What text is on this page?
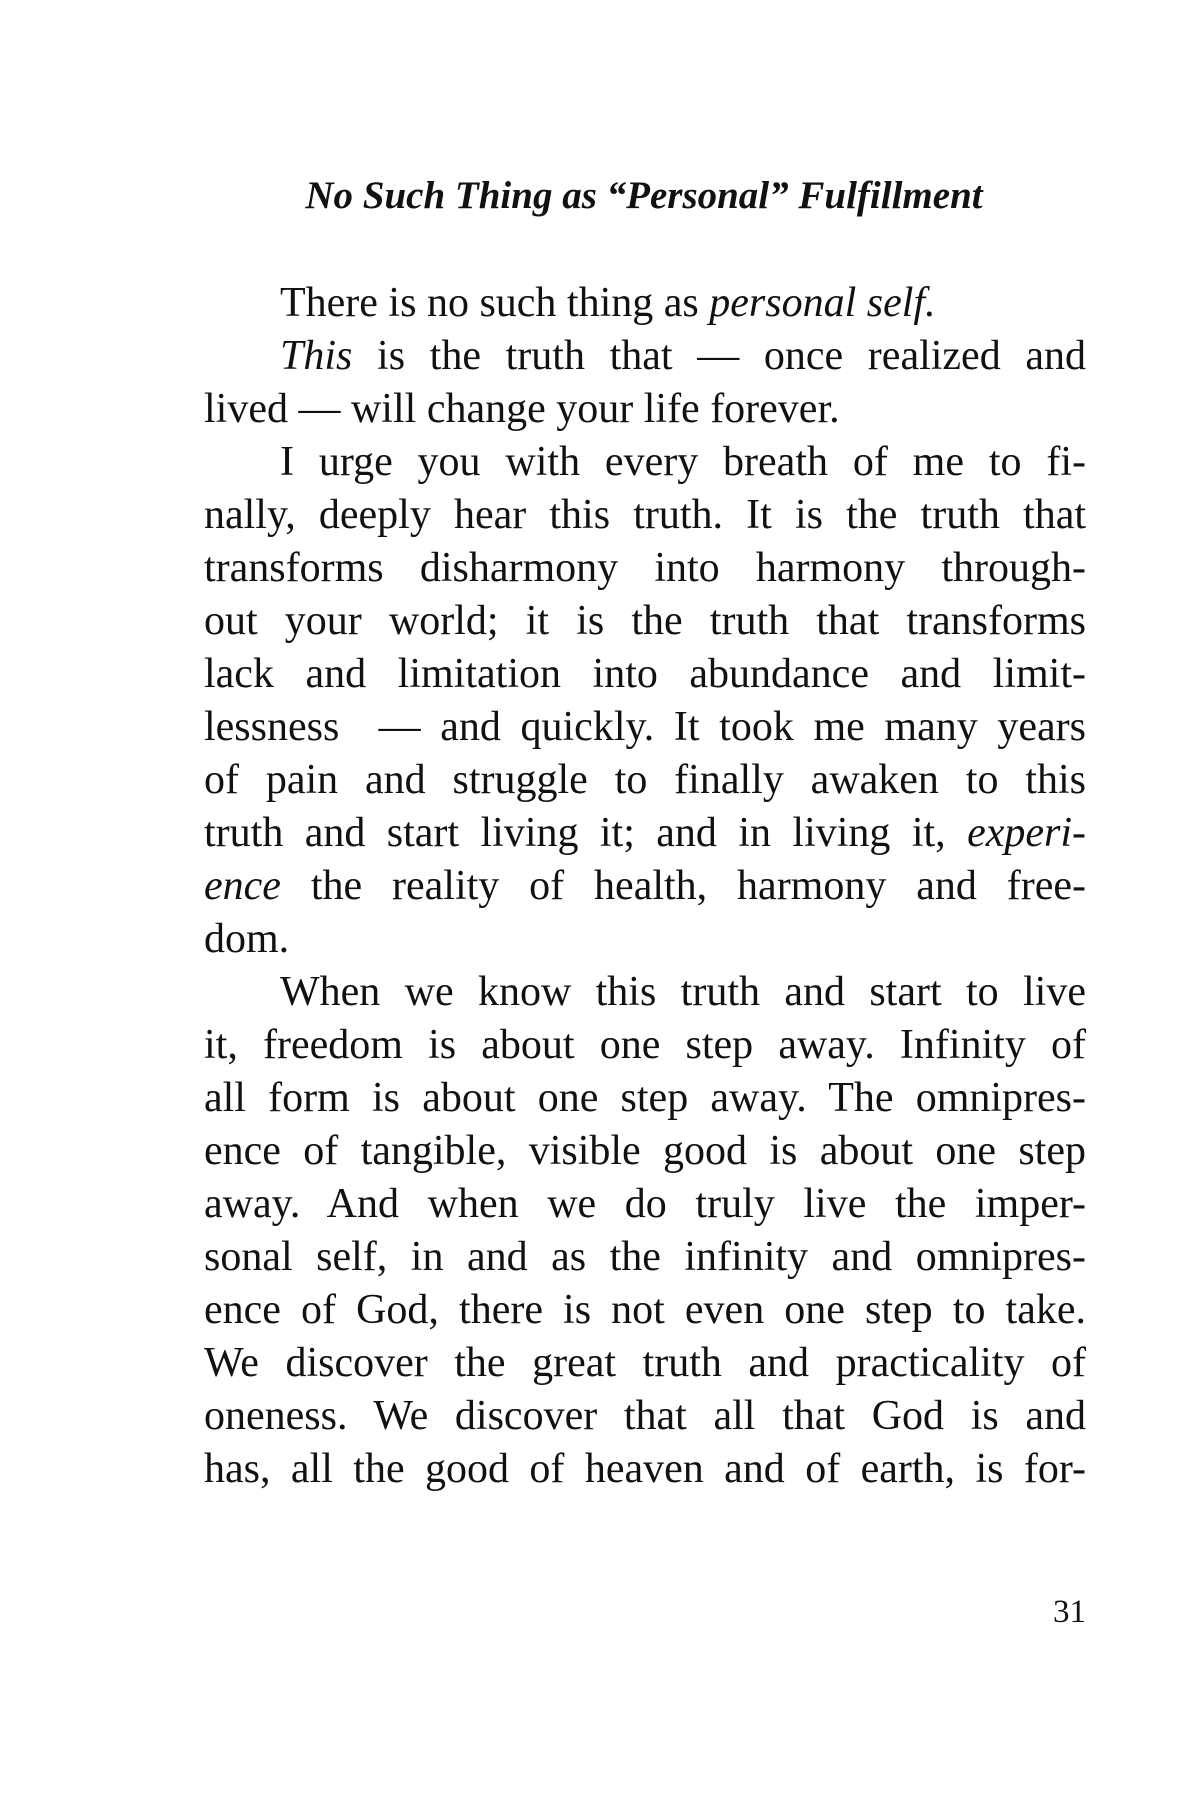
No Such Thing as “Personal” Fulfillment
There is no such thing as personal self.
This is the truth that — once realized and
lived — will change your life forever.
I urge you with every breath of me to fi-
nally, deeply hear this truth. It is the truth that
transforms disharmony into harmony through-
out your world; it is the truth that transforms
lack and limitation into abundance and limit-
lessness  — and quickly. It took me many years
of pain and struggle to finally awaken to this
truth and start living it; and in living it, experi-
ence the reality of health, harmony and free-
dom.
When we know this truth and start to live
it, freedom is about one step away. Infinity of
all form is about one step away. The omnipres-
ence of tangible, visible good is about one step
away. And when we do truly live the imper-
sonal self, in and as the infinity and omnipres-
ence of God, there is not even one step to take.
We discover the great truth and practicality of
oneness. We discover that all that God is and
has, all the good of heaven and of earth, is for-
31
